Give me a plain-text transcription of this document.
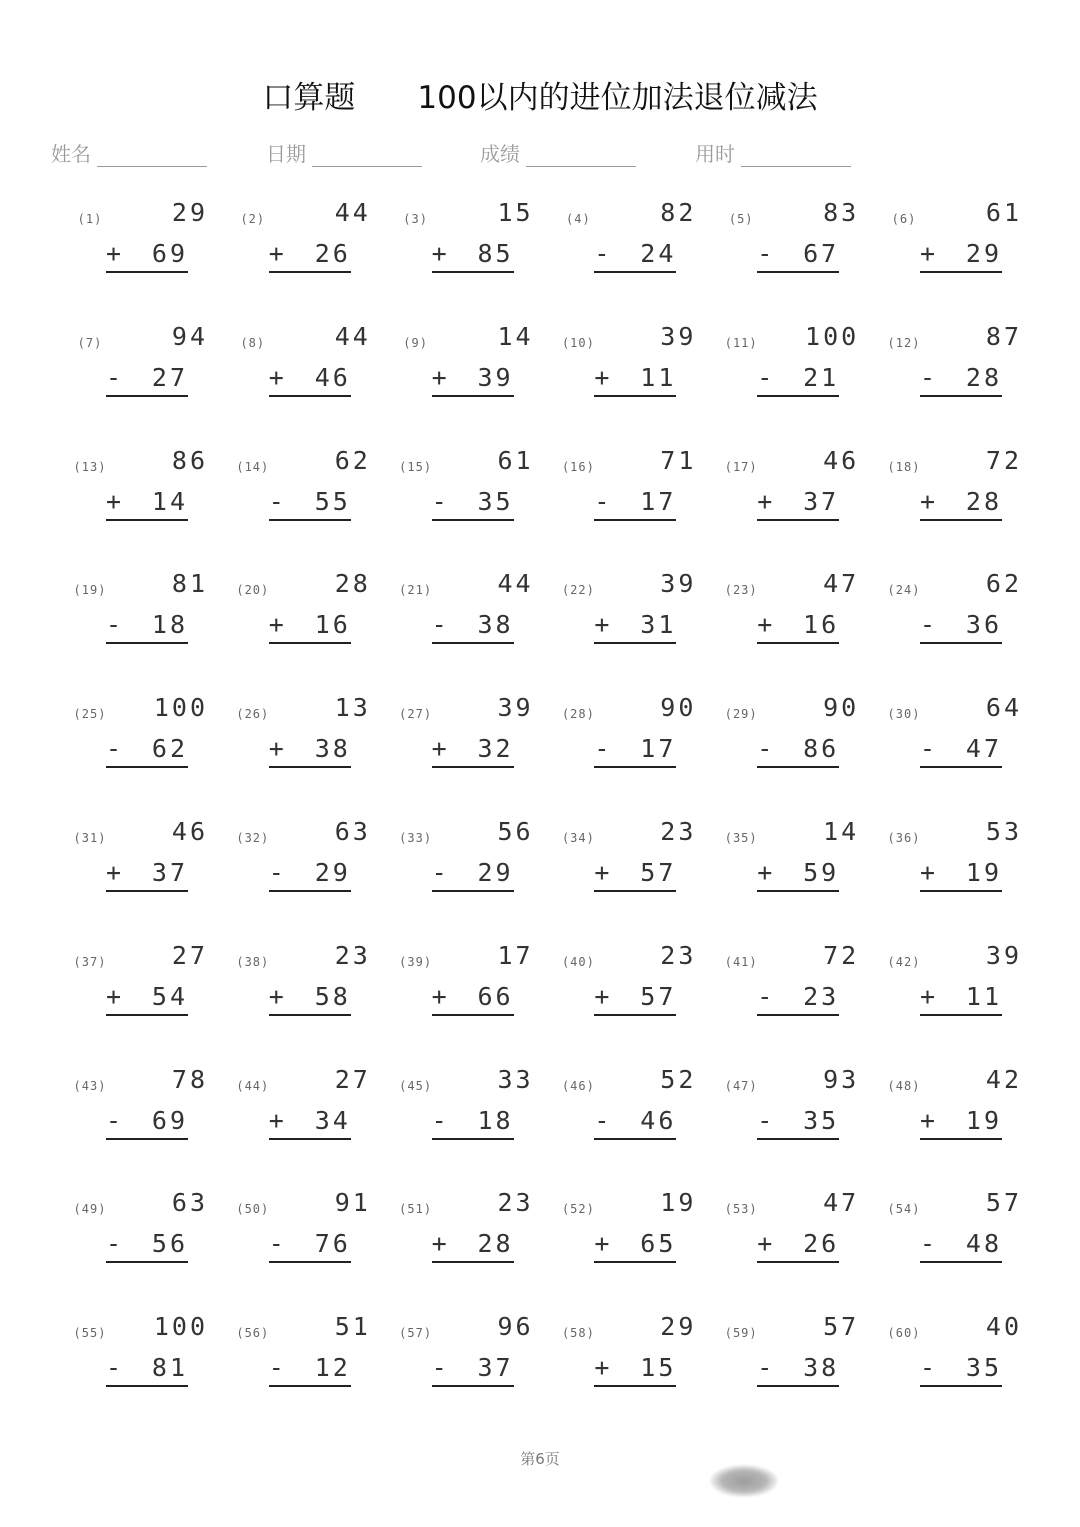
口算题　　100以内的进位加法退位减法
姓名	日期	成绩	用时
(1)	29
+ 69
(2)	44
+ 26
(3)	15
+ 85
(4)	82
- 24
(5)	83
- 67
(6)	61
+ 29
(7)	94
- 27
(8)	44
+ 46
(9)	14
+ 39
(10)	39
+ 11
(11)	100
- 21
(12)	87
- 28
(13)	86
+ 14
(14)	62
- 55
(15)	61
- 35
(16)	71
- 17
(17)	46
+ 37
(18)	72
+ 28
(19)	81
- 18
(20)	28
+ 16
(21)	44
- 38
(22)	39
+ 31
(23)	47
+ 16
(24)	62
- 36
(25)	100
- 62
(26)	13
+ 38
(27)	39
+ 32
(28)	90
- 17
(29)	90
- 86
(30)	64
- 47
(31)	46
+ 37
(32)	63
- 29
(33)	56
- 29
(34)	23
+ 57
(35)	14
+ 59
(36)	53
+ 19
(37)	27
+ 54
(38)	23
+ 58
(39)	17
+ 66
(40)	23
+ 57
(41)	72
- 23
(42)	39
+ 11
(43)	78
- 69
(44)	27
+ 34
(45)	33
- 18
(46)	52
- 46
(47)	93
- 35
(48)	42
+ 19
(49)	63
- 56
(50)	91
- 76
(51)	23
+ 28
(52)	19
+ 65
(53)	47
+ 26
(54)	57
- 48
(55)	100
- 81
(56)	51
- 12
(57)	96
- 37
(58)	29
+ 15
(59)	57
- 38
(60)	40
- 35
第6页
